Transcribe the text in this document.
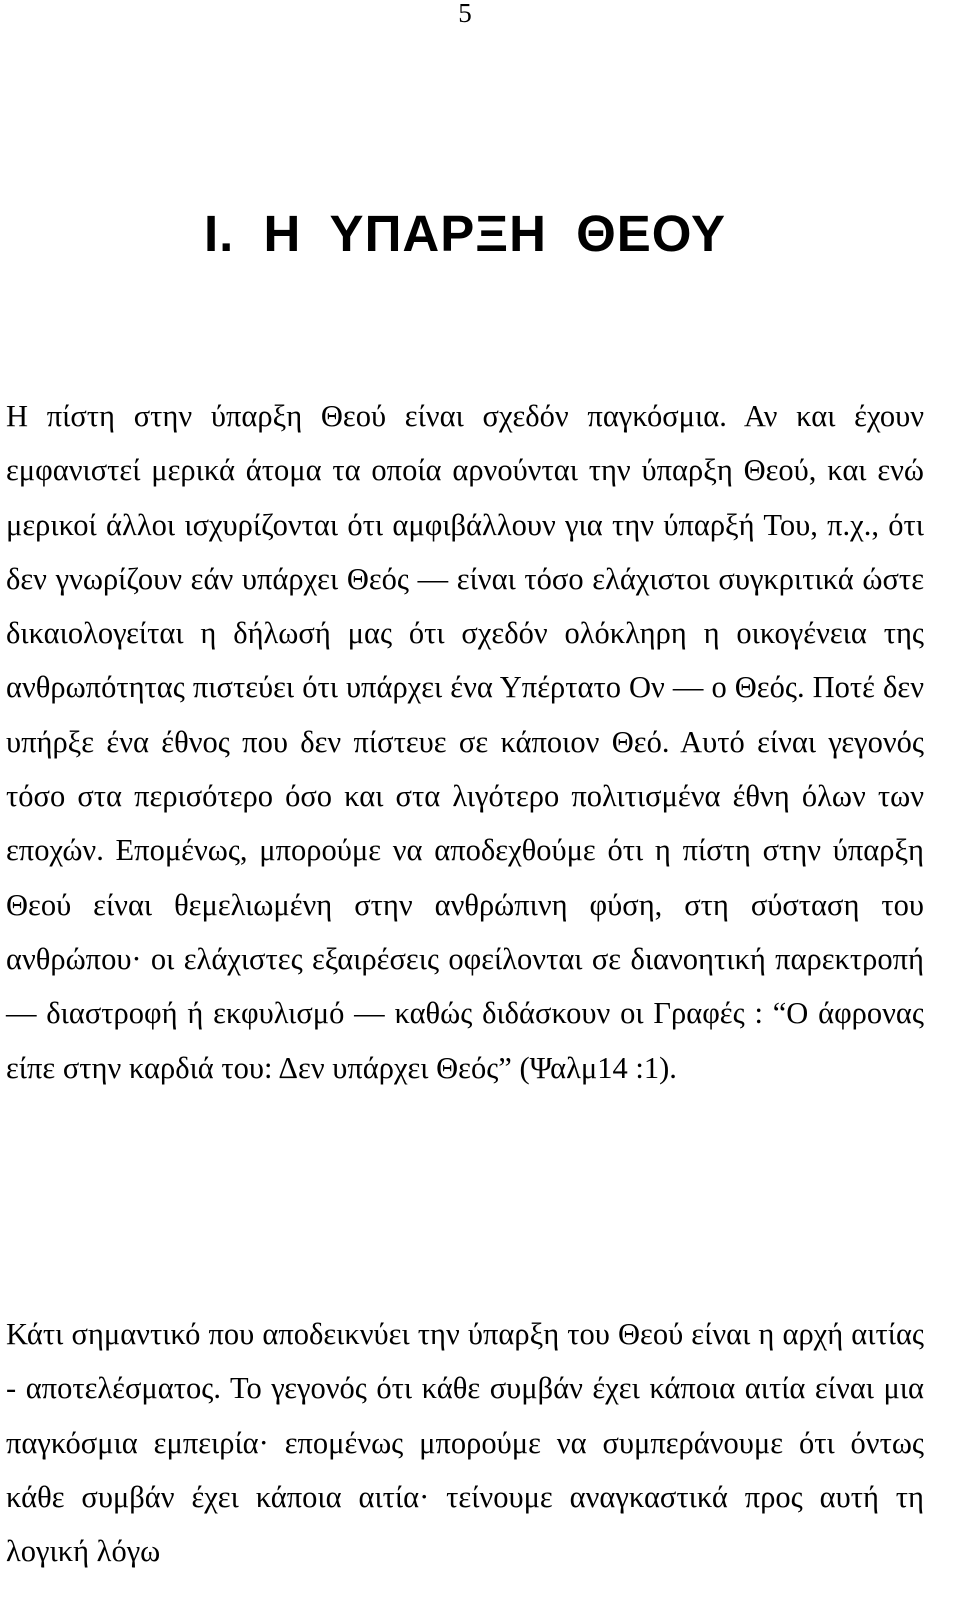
5
Ι. Η ΥΠΑΡΞΗ ΘΕΟΥ

Η πίστη στην ύπαρξη Θεού είναι σχεδόν παγκόσμια. Αν και έχουν εμφανιστεί μερικά άτομα τα οποία αρνούνται την ύπαρξη Θεού, και ενώ μερικοί άλλοι ισχυρίζονται ότι αμφιβάλλουν για την ύπαρξή Του, π.χ., ότι δεν γνωρίζουν εάν υπάρχει Θεός — είναι τόσο ελάχιστοι συγκριτικά ώστε δικαιολογείται η δήλωσή μας ότι σχεδόν ολόκληρη η οικογένεια της ανθρωπότητας πιστεύει ότι υπάρχει ένα Υπέρτατο Ον — ο Θεός. Ποτέ δεν υπήρξε ένα έθνος που δεν πίστευε σε κάποιον Θεό. Αυτό είναι γεγονός τόσο στα περισότερο όσο και στα λιγότερο πολιτισμένα έθνη όλων των εποχών. Επομένως, μπορούμε να αποδεχθούμε ότι η πίστη στην ύπαρξη Θεού είναι θεμελιωμένη στην ανθρώπινη φύση, στη σύσταση του ανθρώπου· οι ελάχιστες εξαιρέσεις οφείλονται σε διανοητική παρεκτροπή — διαστροφή ή εκφυλισμό — καθώς διδάσκουν οι Γραφές : “Ο άφρονας είπε στην καρδιά του: Δεν υπάρχει Θεός” (Ψαλμ14 :1).

Κάτι σημαντικό που αποδεικνύει την ύπαρξη του Θεού είναι η αρχή αιτίας - αποτελέσματος. Το γεγονός ότι κάθε συμβάν έχει κάποια αιτία είναι μια παγκόσμια εμπειρία· επομένως μπορούμε να συμπεράνουμε ότι όντως κάθε συμβάν έχει κάποια αιτία· τείνουμε αναγκαστικά προς αυτή τη λογική λόγω
